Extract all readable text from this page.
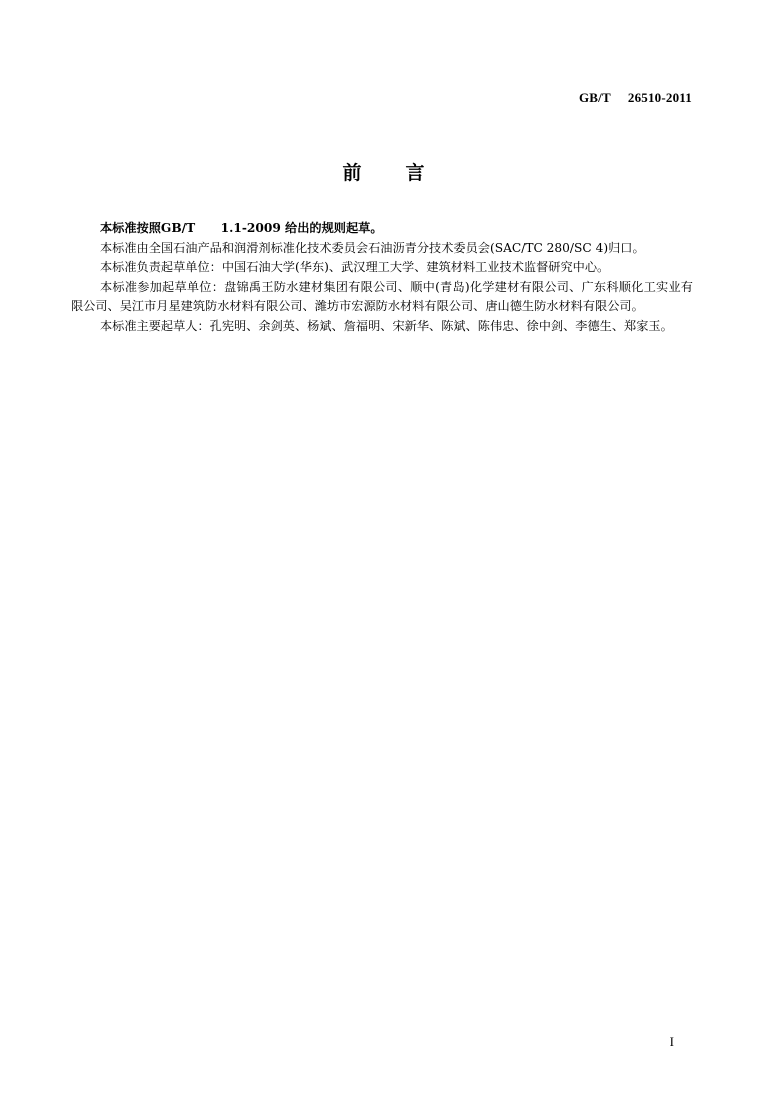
GB/T     26510-2011
前言

本标准按照GB/T      1.1-2009 给出的规则起草。

本标准由全国石油产品和润滑剂标准化技术委员会石油沥青分技术委员会(SAC/TC 280/SC 4)归口。

本标准负责起草单位：中国石油大学(华东)、武汉理工大学、建筑材料工业技术监督研究中心。

本标准参加起草单位：盘锦禹王防水建材集团有限公司、顺中(青岛)化学建材有限公司、广东科顺化工实业有限公司、吴江市月星建筑防水材料有限公司、潍坊市宏源防水材料有限公司、唐山德生防水材料有限公司。

本标准主要起草人：孔宪明、余剑英、杨斌、詹福明、宋新华、陈斌、陈伟忠、徐中剑、李德生、郑家玉。

I
